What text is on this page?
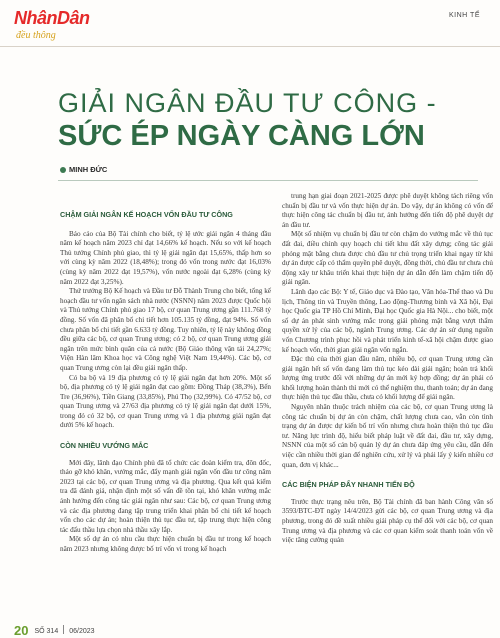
NhânDân
đều thông
KINH TẾ
GIẢI NGÂN ĐẦU TƯ CÔNG -
SỨC ÉP NGÀY CÀNG LỚN
MINH ĐỨC
CHẬM GIẢI NGÂN KẾ HOẠCH VỐN ĐẦU TƯ CÔNG

Báo cáo của Bộ Tài chính cho biết, tỷ lệ ước giải ngân 4 tháng đầu năm kế hoạch năm 2023 chỉ đạt 14,66% kế hoạch. Nếu so với kế hoạch Thủ tướng Chính phủ giao, thì tỷ lệ giải ngân đạt 15,65%, thấp hơn so với cùng kỳ năm 2022 (18,48%); trong đó vốn trong nước đạt 16,03% (cùng kỳ năm 2022 đạt 19,57%), vốn nước ngoài đạt 6,28% (cùng kỳ năm 2022 đạt 3,25%).

Thứ trưởng Bộ Kế hoạch và Đầu tư Đỗ Thành Trung cho biết, tổng kế hoạch đầu tư vốn ngân sách nhà nước (NSNN) năm 2023 được Quốc hội và Thủ tướng Chính phủ giao 17 bộ, cơ quan Trung ương gần 111.768 tỷ đồng. Số vốn đã phân bổ chi tiết hơn 105.135 tỷ đồng, đạt 94%. Số vốn chưa phân bổ chi tiết gần 6.633 tỷ đồng. Tuy nhiên, tỷ lệ này không đồng đều giữa các bộ, cơ quan Trung ương; có 2 bộ, cơ quan Trung ương giải ngân trên mức bình quân của cả nước (Bộ Giáo thông vận tải 24,27%; Viện Hàn lâm Khoa học và Công nghệ Việt Nam 19,44%). Các bộ, cơ quan Trung ương còn lại đều giải ngân thấp.

Có ba bộ và 19 địa phương có tỷ lệ giải ngân đạt hơn 20%. Một số bộ, địa phương có tỷ lệ giải ngân đạt cao gồm: Đồng Tháp (38,3%), Bến Tre (36,96%), Tiền Giang (33,85%), Phú Thọ (32,99%). Có 47/52 bộ, cơ quan Trung ương và 27/63 địa phương có tỷ lệ giải ngân đạt dưới 15%, trong đó có 32 bộ, cơ quan Trung ương và 1 địa phương giải ngân đạt dưới 5% kế hoạch.

CÒN NHIỀU VƯỚNG MẮC

Mới đây, lãnh đạo Chính phủ đã tổ chức các đoàn kiểm tra, đôn đốc, tháo gỡ khó khăn, vướng mắc, đẩy mạnh giải ngân vốn đầu tư công năm 2023 tại các bộ, cơ quan Trung ương và địa phương. Qua kết quả kiểm tra đã đánh giá, nhận định một số vấn đề tồn tại, khó khăn vướng mắc ảnh hưởng đến công tác giải ngân như sau: Các bộ, cơ quan Trung ương và các địa phương đang tập trung triển khai phân bổ chi tiết kế hoạch vốn cho các dự án; hoàn thiện thủ tục đầu tư, tập trung thực hiện công tác đấu thầu lựa chọn nhà thầu xây lắp.

Một số dự án có nhu cầu thực hiện chuẩn bị đầu tư trong kế hoạch năm 2023 nhưng không được bố trí vốn vì trong kế hoạch

trung hạn giai đoạn 2021-2025 được phê duyệt không tách riêng vốn chuẩn bị đầu tư và vốn thực hiện dự án. Do vậy, dự án không có vốn để thực hiện công tác chuẩn bị đầu tư, ảnh hưởng đến tiến độ phê duyệt dự án đầu tư.

Một số nhiệm vụ chuẩn bị đầu tư còn chậm do vướng mắc về thủ tục đất đai, điều chỉnh quy hoạch chi tiết khu đất xây dựng; công tác giải phóng mặt bằng chưa được chủ đầu tư chủ trọng triển khai ngay từ khi dự án được cấp có thẩm quyền phê duyệt, đồng thời, chủ đầu tư chưa chủ động xây tư khâu triển khai thực hiện dự án dẫn đến làm chậm tiến độ giải ngân.

Lãnh đạo các Bộ: Y tế, Giáo dục và Đào tạo, Văn hóa-Thể thao và Du lịch, Thông tin và Truyền thông, Lao động-Thương binh và Xã hội, Đại học Quốc gia TP Hồ Chí Minh, Đại học Quốc gia Hà Nội... cho biết, một số dự án phát sinh vướng mắc trong giải phóng mặt bằng vượt thẩm quyền xử lý của các bộ, ngành Trung ương. Các dự án sử dụng nguồn vốn Chương trình phục hồi và phát triển kinh tế-xã hội chậm được giao kế hoạch vốn, thời gian giải ngân vốn ngắn.

Đặc thù của thời gian đầu năm, nhiều bộ, cơ quan Trung ương cần giải ngân hết số vốn đang làm thủ tục kéo dài giải ngân; hoàn trả khối lượng ứng trước đối với những dự án mới ký hợp đồng; dự án phải có khối lượng hoàn thành thì mới có thể nghiệm thu, thanh toán; dự án đang thực hiện thủ tục đầu thầu, chưa có khối lượng để giải ngân.

Nguyên nhân thuộc trách nhiệm của các bộ, cơ quan Trung ương là công tác chuẩn bị dự án còn chậm, chất lượng chưa cao, vẫn còn tình trạng dự án được dự kiến bố trí vốn nhưng chưa hoàn thiện thủ tục đầu tư. Năng lực trình độ, hiểu biết pháp luật về đất đai, đầu tư, xây dựng, NSNN của một số cán bộ quản lý dự án chưa đáp ứng yêu cầu, dẫn đến việc cần nhiều thời gian để nghiên cứu, xử lý và phải lấy ý kiến nhiều cơ quan, đơn vị khác...

CÁC BIỆN PHÁP ĐẨY NHANH TIẾN ĐỘ

Trước thực trạng nêu trên, Bộ Tài chính đã ban hành Công văn số 3593/BTC-ĐT ngày 14/4/2023 gửi các bộ, cơ quan Trung ương và địa phương, trong đó đề xuất nhiều giải pháp cụ thể đối với các bộ, cơ quan Trung ương và địa phương và các cơ quan kiểm soát thanh toán vốn về việc tăng cường quản

20 SỐ 314 06/2023
